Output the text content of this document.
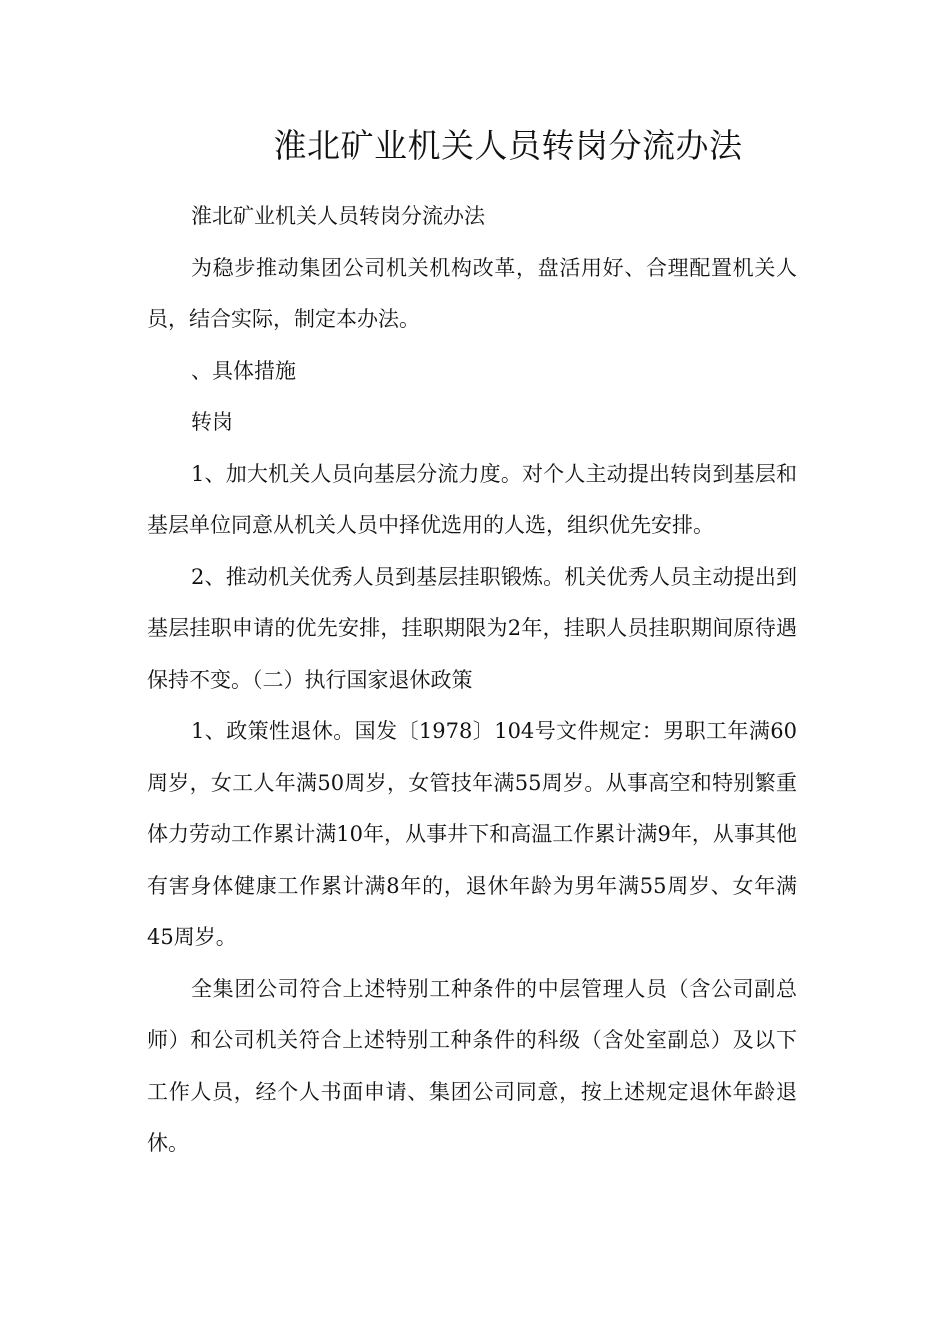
淮北矿业机关人员转岗分流办法

淮北矿业机关人员转岗分流办法

为稳步推动集团公司机关机构改革，盘活用好、合理配置机关人员，结合实际，制定本办法。

、具体措施

转岗

1、加大机关人员向基层分流力度。对个人主动提出转岗到基层和基层单位同意从机关人员中择优选用的人选，组织优先安排。

2、推动机关优秀人员到基层挂职锻炼。机关优秀人员主动提出到基层挂职申请的优先安排，挂职期限为2年，挂职人员挂职期间原待遇保持不变。（二）执行国家退休政策

1、政策性退休。国发〔1978〕104号文件规定：男职工年满60周岁，女工人年满50周岁，女管技年满55周岁。从事高空和特别繁重体力劳动工作累计满10年，从事井下和高温工作累计满9年，从事其他有害身体健康工作累计满8年的，退休年龄为男年满55周岁、女年满45周岁。

全集团公司符合上述特别工种条件的中层管理人员（含公司副总师）和公司机关符合上述特别工种条件的科级（含处室副总）及以下工作人员，经个人书面申请、集团公司同意，按上述规定退休年龄退休。
